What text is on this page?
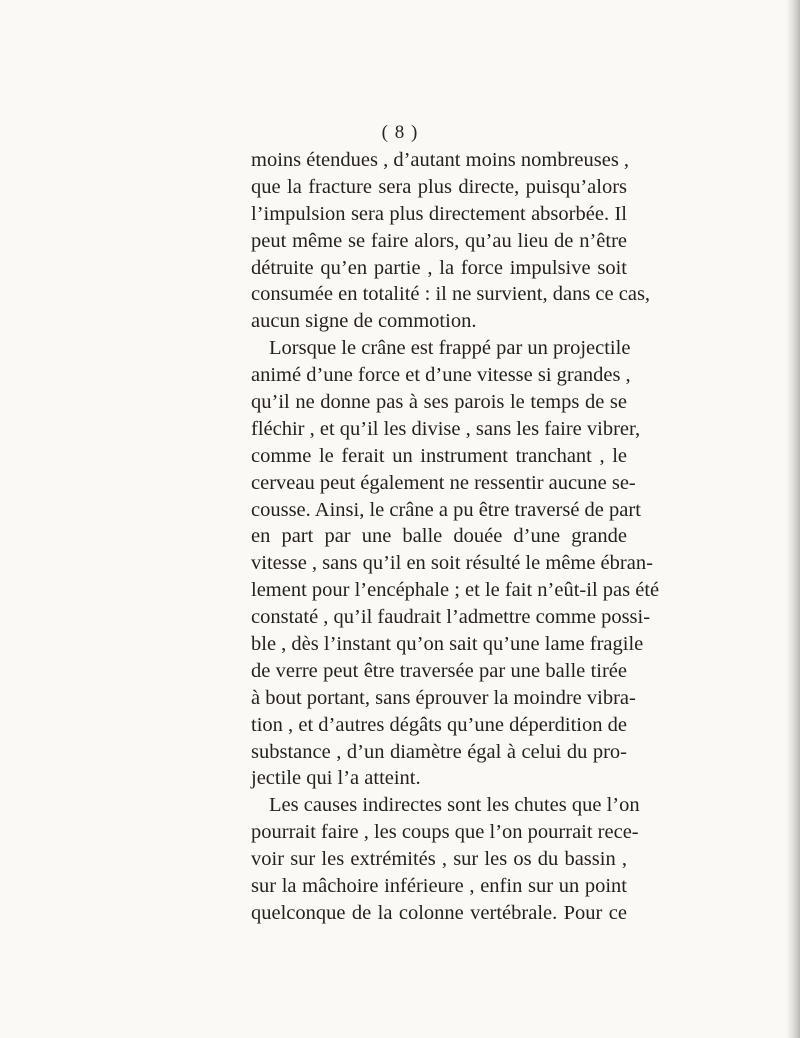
( 8 )
moins étendues , d’autant moins nombreuses ,
que la fracture sera plus directe, puisqu’alors
l’impulsion sera plus directement absorbée. Il
peut même se faire alors, qu’au lieu de n’être
détruite qu’en partie , la force impulsive soit
consumée en totalité : il ne survient, dans ce cas,
aucun signe de commotion.
Lorsque le crâne est frappé par un projectile
animé d’une force et d’une vitesse si grandes ,
qu’il ne donne pas à ses parois le temps de se
fléchir , et qu’il les divise , sans les faire vibrer,
comme le ferait un instrument tranchant , le
cerveau peut également ne ressentir aucune se-
cousse. Ainsi, le crâne a pu être traversé de part
en part par une balle douée d’une grande
vitesse , sans qu’il en soit résulté le même ébran-
lement pour l’encéphale ; et le fait n’eût-il pas été
constaté , qu’il faudrait l’admettre comme possi-
ble , dès l’instant qu’on sait qu’une lame fragile
de verre peut être traversée par une balle tirée
à bout portant, sans éprouver la moindre vibra-
tion , et d’autres dégâts qu’une déperdition de
substance , d’un diamètre égal à celui du pro-
jectile qui l’a atteint.
Les causes indirectes sont les chutes que l’on
pourrait faire , les coups que l’on pourrait rece-
voir sur les extrémités , sur les os du bassin ,
sur la mâchoire inférieure , enfin sur un point
quelconque de la colonne vertébrale. Pour ce
